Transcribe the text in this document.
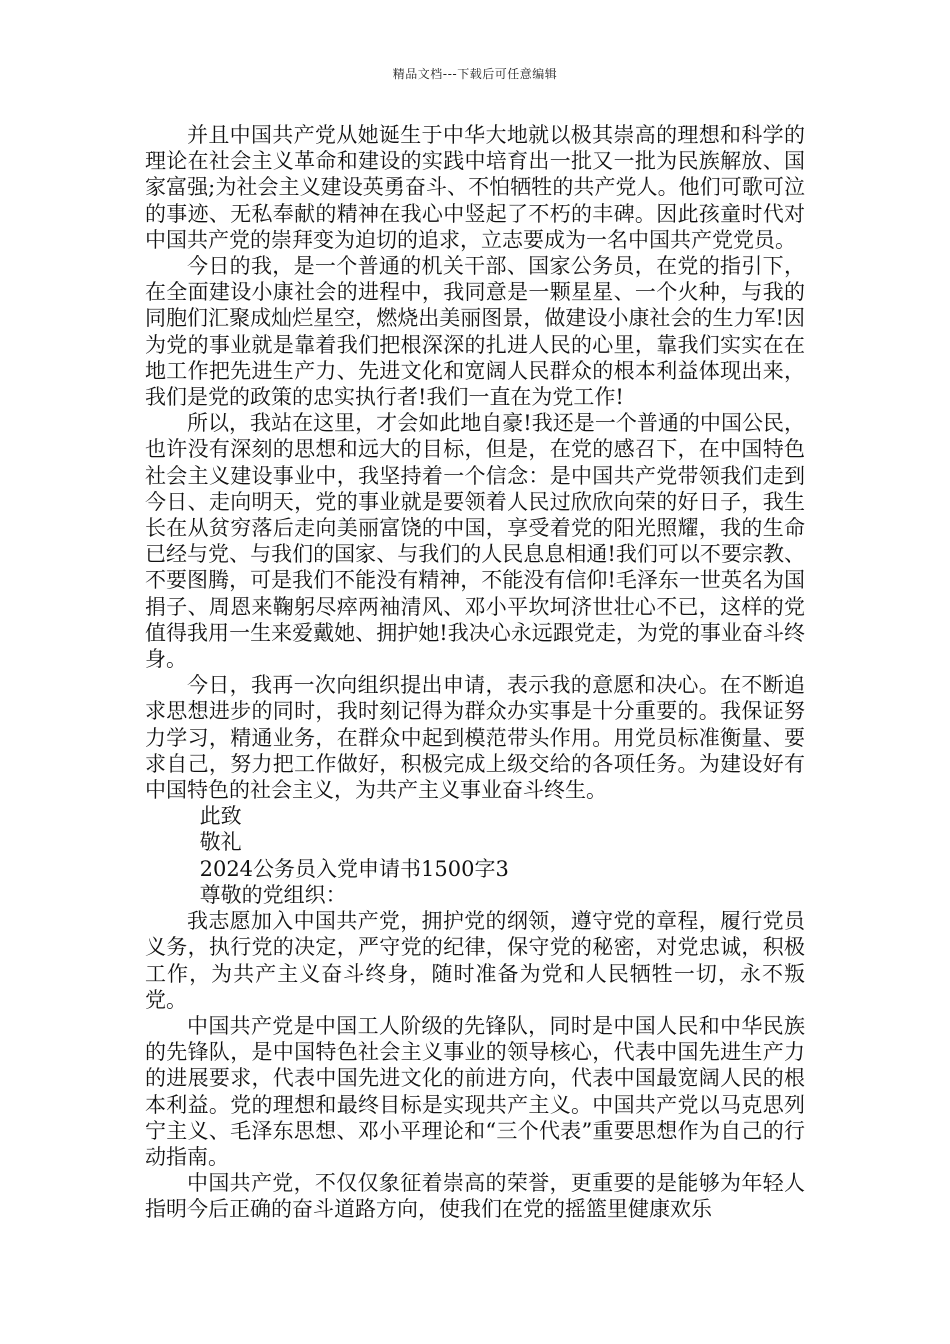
精品文档---下载后可任意编辑

并且中国共产党从她诞生于中华大地就以极其崇高的理想和科学的理论在社会主义革命和建设的实践中培育出一批又一批为民族解放、国家富强;为社会主义建设英勇奋斗、不怕牺牲的共产党人。他们可歌可泣的事迹、无私奉献的精神在我心中竖起了不朽的丰碑。因此孩童时代对中国共产党的崇拜变为迫切的追求，立志要成为一名中国共产党党员。

今日的我，是一个普通的机关干部、国家公务员，在党的指引下，在全面建设小康社会的进程中，我同意是一颗星星、一个火种，与我的同胞们汇聚成灿烂星空，燃烧出美丽图景，做建设小康社会的生力军!因为党的事业就是靠着我们把根深深的扎进人民的心里，靠我们实实在在地工作把先进生产力、先进文化和宽阔人民群众的根本利益体现出来，我们是党的政策的忠实执行者!我们一直在为党工作!

所以，我站在这里，才会如此地自豪!我还是一个普通的中国公民，也许没有深刻的思想和远大的目标，但是，在党的感召下，在中国特色社会主义建设事业中，我坚持着一个信念：是中国共产党带领我们走到今日、走向明天，党的事业就是要领着人民过欣欣向荣的好日子，我生长在从贫穷落后走向美丽富饶的中国，享受着党的阳光照耀，我的生命已经与党、与我们的国家、与我们的人民息息相通!我们可以不要宗教、不要图腾，可是我们不能没有精神，不能没有信仰!毛泽东一世英名为国捐子、周恩来鞠躬尽瘁两袖清风、邓小平坎坷济世壮心不已，这样的党值得我用一生来爱戴她、拥护她!我决心永远跟党走，为党的事业奋斗终身。

今日，我再一次向组织提出申请，表示我的意愿和决心。在不断追求思想进步的同时，我时刻记得为群众办实事是十分重要的。我保证努力学习，精通业务，在群众中起到模范带头作用。用党员标准衡量、要求自己，努力把工作做好，积极完成上级交给的各项任务。为建设好有中国特色的社会主义，为共产主义事业奋斗终生。

此致

敬礼

2024公务员入党申请书1500字3

尊敬的党组织：

我志愿加入中国共产党，拥护党的纲领，遵守党的章程，履行党员义务，执行党的决定，严守党的纪律，保守党的秘密，对党忠诚，积极工作，为共产主义奋斗终身，随时准备为党和人民牺牲一切，永不叛党。

中国共产党是中国工人阶级的先锋队，同时是中国人民和中华民族的先锋队，是中国特色社会主义事业的领导核心，代表中国先进生产力的进展要求，代表中国先进文化的前进方向，代表中国最宽阔人民的根本利益。党的理想和最终目标是实现共产主义。中国共产党以马克思列宁主义、毛泽东思想、邓小平理论和“三个代表”重要思想作为自己的行动指南。

中国共产党，不仅仅象征着崇高的荣誉，更重要的是能够为年轻人指明今后正确的奋斗道路方向，使我们在党的摇篮里健康欢乐
